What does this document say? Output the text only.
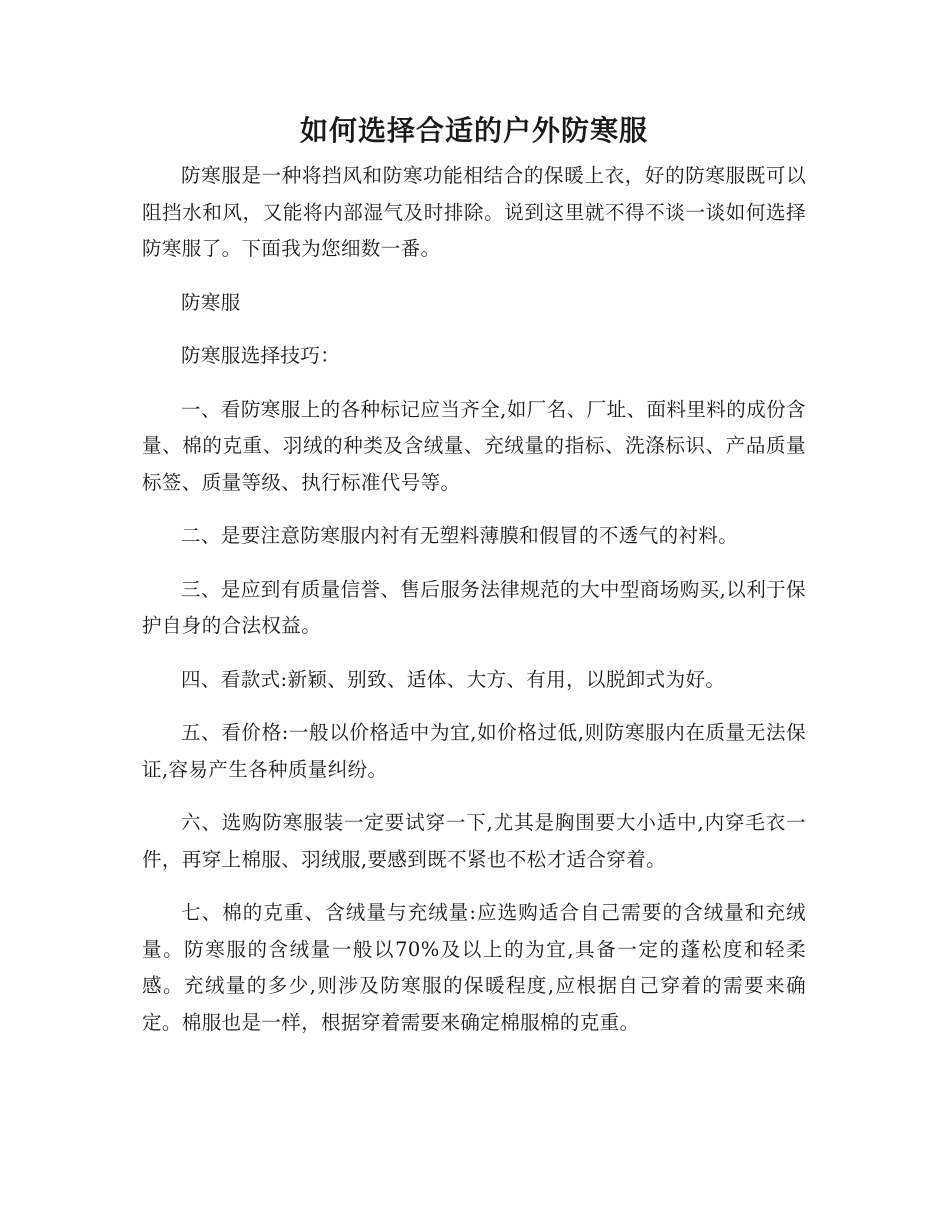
如何选择合适的户外防寒服

防寒服是一种将挡风和防寒功能相结合的保暖上衣，好的防寒服既可以阻挡水和风，又能将内部湿气及时排除。说到这里就不得不谈一谈如何选择防寒服了。下面我为您细数一番。

防寒服

防寒服选择技巧：

一、看防寒服上的各种标记应当齐全,如厂名、厂址、面料里料的成份含量、棉的克重、羽绒的种类及含绒量、充绒量的指标、洗涤标识、产品质量标签、质量等级、执行标准代号等。

二、是要注意防寒服内衬有无塑料薄膜和假冒的不透气的衬料。

三、是应到有质量信誉、售后服务法律规范的大中型商场购买,以利于保护自身的合法权益。

四、看款式:新颖、别致、适体、大方、有用，以脱卸式为好。

五、看价格:一般以价格适中为宜,如价格过低,则防寒服内在质量无法保证,容易产生各种质量纠纷。

六、选购防寒服装一定要试穿一下,尤其是胸围要大小适中,内穿毛衣一件，再穿上棉服、羽绒服,要感到既不紧也不松才适合穿着。

七、棉的克重、含绒量与充绒量:应选购适合自己需要的含绒量和充绒量。防寒服的含绒量一般以70%及以上的为宜,具备一定的蓬松度和轻柔感。充绒量的多少,则涉及防寒服的保暖程度,应根据自己穿着的需要来确定。棉服也是一样，根据穿着需要来确定棉服棉的克重。
